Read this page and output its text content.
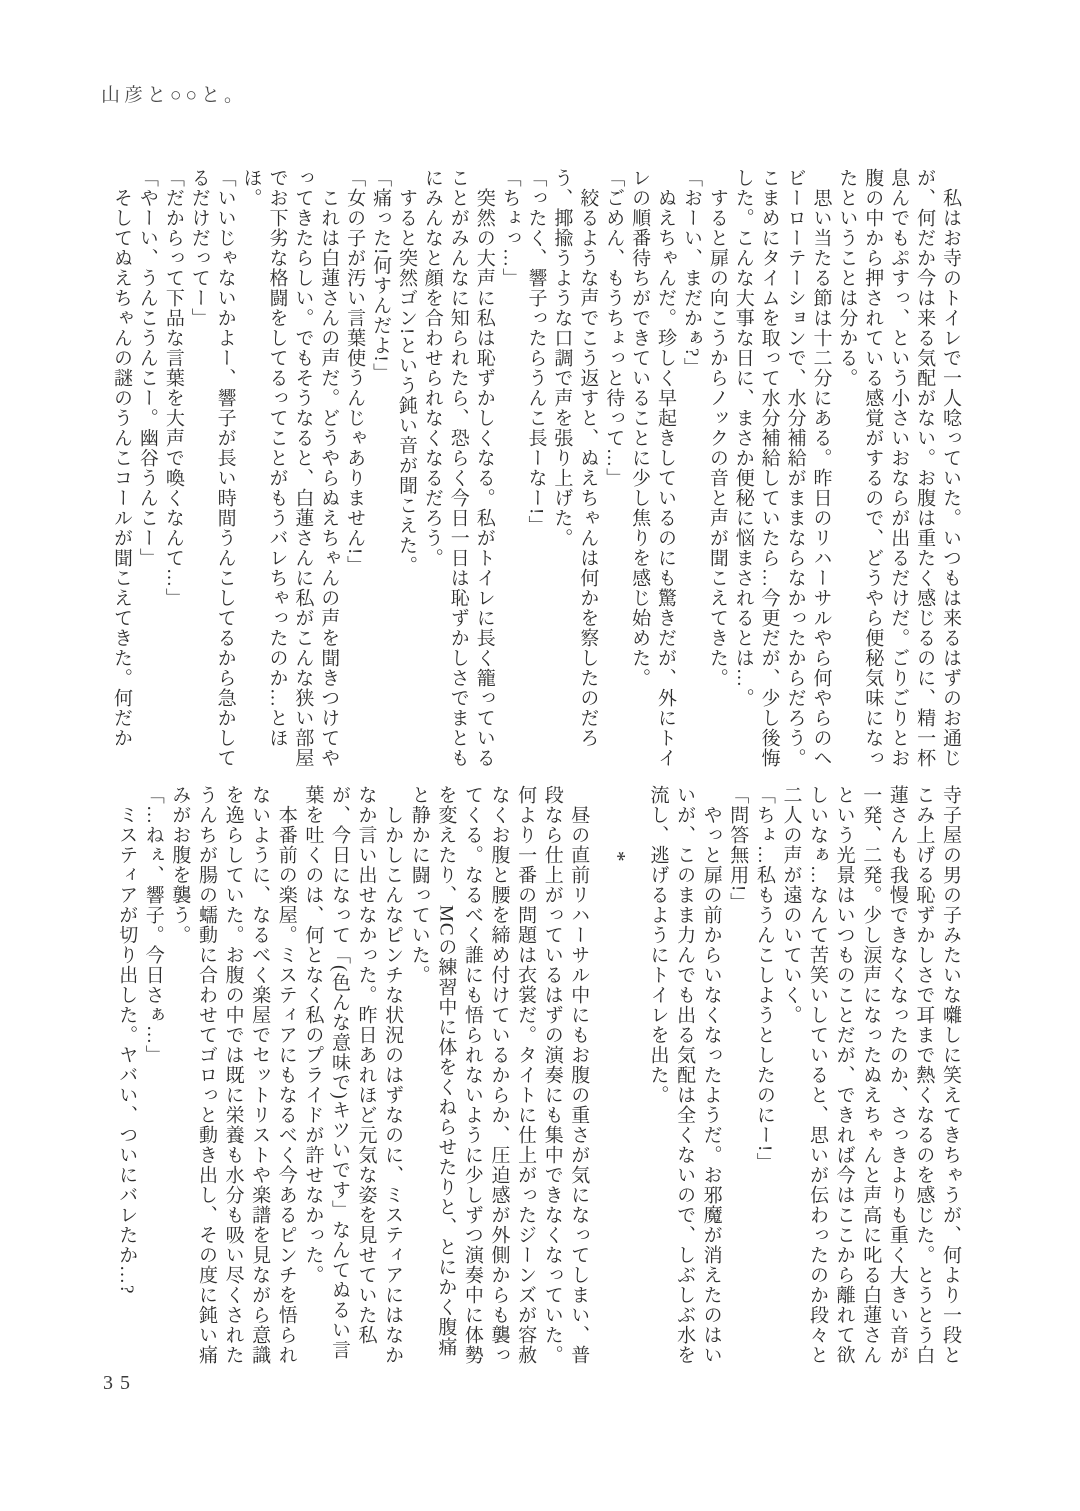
山彦と○○と。

　私はお寺のトイレで一人唸っていた。いつもは来るはずのお通じが、何だか今は来る気配がない。お腹は重たく感じるのに、精一杯息んでもぷすっ、という小さいおならが出るだけだ。ごりごりとお腹の中から押されている感覚がするので、どうやら便秘気味になったということは分かる。

　思い当たる節は十二分にある。昨日のリハーサルやら何やらのヘビーローテーションで、水分補給がままならなかったからだろう。こまめにタイムを取って水分補給していたら…今更だが、少し後悔した。こんな大事な日に、まさか便秘に悩まされるとは…。

　すると扉の向こうからノックの音と声が聞こえてきた。

「おーい、まだかぁ?」

　ぬえちゃんだ。珍しく早起きしているのにも驚きだが、外にトイレの順番待ちができていることに少し焦りを感じ始めた。

「ごめん、もうちょっと待って…」

　絞るような声でこう返すと、ぬえちゃんは何かを察したのだろう、揶揄うような口調で声を張り上げた。

「ったく、響子ったらうんこ長ーなー!」

「ちょっ…」

　突然の大声に私は恥ずかしくなる。私がトイレに長く籠っていることがみんなに知られたら、恐らく今日一日は恥ずかしさでまともにみんなと顔を合わせられなくなるだろう。

　すると突然ゴン!という鈍い音が聞こえた。

「痛った!何すんだよ!」

「女の子が汚い言葉使うんじゃありません!」

　これは白蓮さんの声だ。どうやらぬえちゃんの声を聞きつけてやってきたらしい。でもそうなると、白蓮さんに私がこんな狭い部屋でお下劣な格闘をしてるってことがもうバレちゃったのか…とほほ。

「いいじゃないかよー、響子が長い時間うんこしてるから急かしてるだけだってー」

「だからって下品な言葉を大声で喚くなんて…」

「やーい、うんこうんこー。幽谷うんこー」

　そしてぬえちゃんの謎のうんこコールが聞こえてきた。何だか

寺子屋の男の子みたいな囃しに笑えてきちゃうが、何より一段とこみ上げる恥ずかしさで耳まで熱くなるのを感じた。とうとう白蓮さんも我慢できなくなったのか、さっきよりも重く大きい音が一発、二発。少し涙声になったぬえちゃんと声高に叱る白蓮さんという光景はいつものことだが、できれば今はここから離れて欲しいなぁ…なんて苦笑いしていると、思いが伝わったのか段々と二人の声が遠のいていく。

「ちょ…私もうんこしようとしたのにー!」

「問答無用!」

　やっと扉の前からいなくなったようだ。お邪魔が消えたのはいいが、このまま力んでも出る気配は全くないので、しぶしぶ水を流し、逃げるようにトイレを出た。

*

　昼の直前リハーサル中にもお腹の重さが気になってしまい、普段なら仕上がっているはずの演奏にも集中できなくなっていた。何より一番の問題は衣裳だ。タイトに仕上がったジーンズが容赦なくお腹と腰を締め付けているからか、圧迫感が外側からも襲ってくる。なるべく誰にも悟られないように少しずつ演奏中に体勢を変えたり、MCの練習中に体をくねらせたりと、とにかく腹痛と静かに闘っていた。

　しかしこんなピンチな状況のはずなのに、ミスティアにはなかなか言い出せなかった。昨日あれほど元気な姿を見せていた私が、今日になって「(色んな意味で)キツいです」なんてぬるい言葉を吐くのは、何となく私のプライドが許せなかった。

　本番前の楽屋。ミスティアにもなるべく今あるピンチを悟られないように、なるべく楽屋でセットリストや楽譜を見ながら意識を逸らしていた。お腹の中では既に栄養も水分も吸い尽くされたうんちが腸の蠕動に合わせてゴロっと動き出し、その度に鈍い痛みがお腹を襲う。

「…ねぇ、響子。今日さぁ…」

　ミスティアが切り出した。ヤバい、ついにバレたか…?

35
